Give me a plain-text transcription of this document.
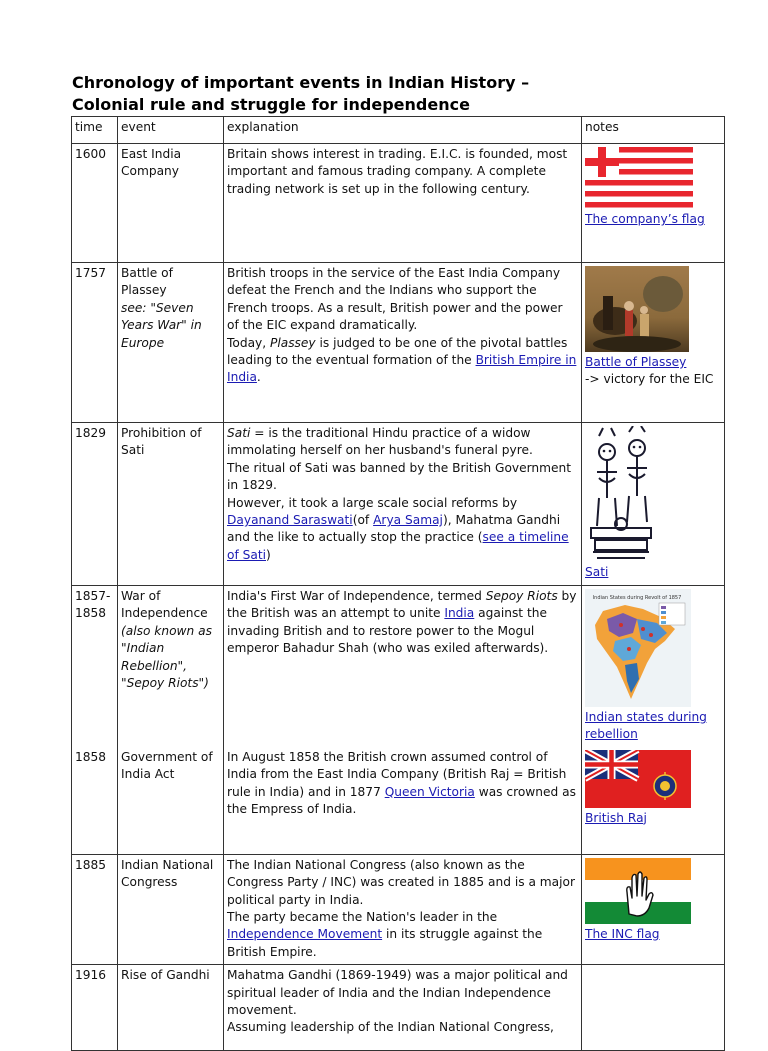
Chronology of important events in Indian History –
Colonial rule and struggle for independence
time	event	explanation	notes
1600	East India Company	Britain shows interest in trading. E.I.C. is founded, most important and famous trading company. A complete trading network is set up in the following century.	The company’s flag
1757	Battle of Plassey
see: "Seven Years War" in Europe	British troops in the service of the East India Company defeat the French and the Indians who support the French troops. As a result, British power and the power of the EIC expand dramatically.
Today, Plassey is judged to be one of the pivotal battles leading to the eventual formation of the British Empire in India.	Battle of Plassey
-> victory for the EIC

1829	Prohibition of Sati	Sati = is the traditional Hindu practice of a widow immolating herself on her husband's funeral pyre.
The ritual of Sati was banned by the British Government in 1829.
However, it took a large scale social reforms by Dayanand Saraswati(of Arya Samaj), Mahatma Gandhi and the like to actually stop the practice (see a timeline of Sati)	Sati
1857-1858	War of Independence
(also known as "Indian Rebellion", "Sepoy Riots")	India's First War of Independence, termed Sepoy Riots by the British was an attempt to unite India against the invading British and to restore power to the Mogul emperor Bahadur Shah (who was exiled afterwards).	Indian States during Revolt of 1857
Indian states during rebellion
1858	Government of India Act	In August 1858 the British crown assumed control of India from the East India Company (British Raj = British rule in India) and in 1877 Queen Victoria was crowned as the Empress of India.	British Raj
1885	Indian National Congress	The Indian National Congress (also known as the Congress Party / INC) was created in 1885 and is a major political party in India.
The party became the Nation's leader in the Independence Movement in its struggle against the British Empire.	The INC flag
1916	Rise of Gandhi	Mahatma Gandhi (1869-1949) was a major political and spiritual leader of India and the Indian Independence movement.
Assuming leadership of the Indian National Congress,	
